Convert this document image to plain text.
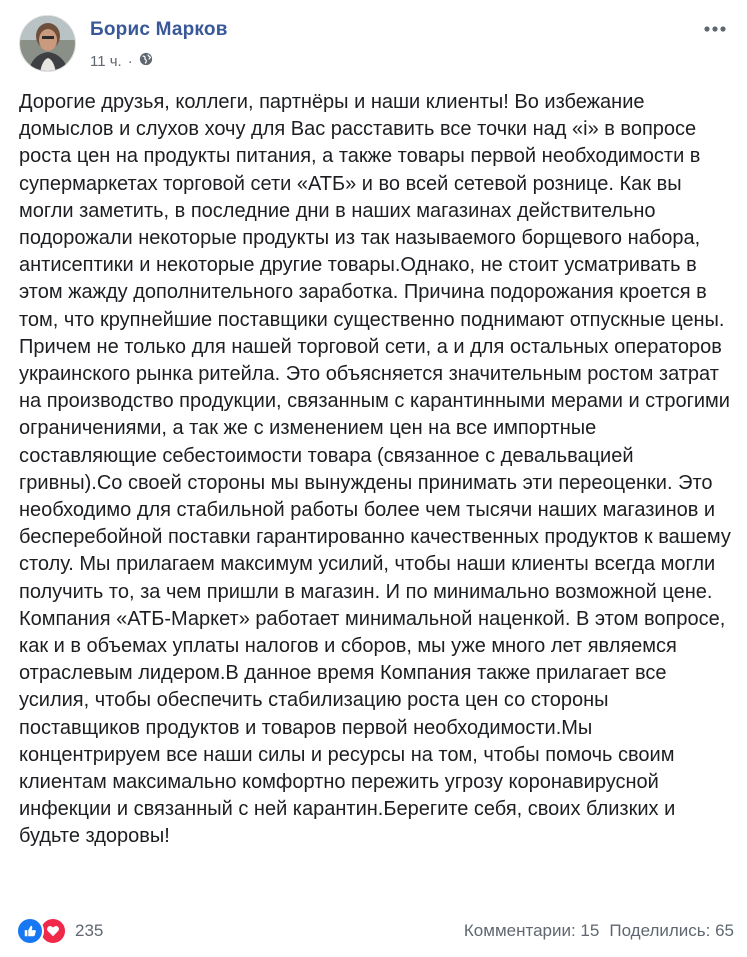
Борис Марков
11 ч. ·
Дорогие друзья, коллеги, партнёры и наши клиенты! Во избежание домыслов и слухов хочу для Вас расставить все точки над «і» в вопросе роста цен на продукты питания, а также товары первой необходимости в супермаркетах торговой сети «АТБ» и во всей сетевой рознице. Как вы могли заметить, в последние дни в наших магазинах действительно подорожали некоторые продукты из так называемого борщевого набора, антисептики и некоторые другие товары.Однако, не стоит усматривать в этом жажду дополнительного заработка. Причина подорожания кроется в том, что крупнейшие поставщики существенно поднимают отпускные цены. Причем не только для нашей торговой сети, а и для остальных операторов украинского рынка ритейла. Это объясняется значительным ростом затрат на производство продукции, связанным с карантинными мерами и строгими ограничениями, а так же с изменением цен на все импортные составляющие себестоимости товара (связанное с девальвацией гривны).Со своей стороны мы вынуждены принимать эти переоценки. Это необходимо для стабильной работы более чем тысячи наших магазинов и бесперебойной поставки гарантированно качественных продуктов к вашему столу. Мы прилагаем максимум усилий, чтобы наши клиенты всегда могли получить то, за чем пришли в магазин. И по минимально возможной цене. Компания «АТБ-Маркет» работает минимальной наценкой. В этом вопросе, как и в объемах уплаты налогов и сборов, мы уже много лет являемся отраслевым лидером.В данное время Компания также прилагает все усилия, чтобы обеспечить стабилизацию роста цен со стороны поставщиков продуктов и товаров первой необходимости.Мы концентрируем все наши силы и ресурсы на том, чтобы помочь своим клиентам максимально комфортно пережить угрозу коронавирусной инфекции и связанный с ней карантин.Берегите себя, своих близких и будьте здоровы!
235	Комментарии: 15 Поделились: 65
